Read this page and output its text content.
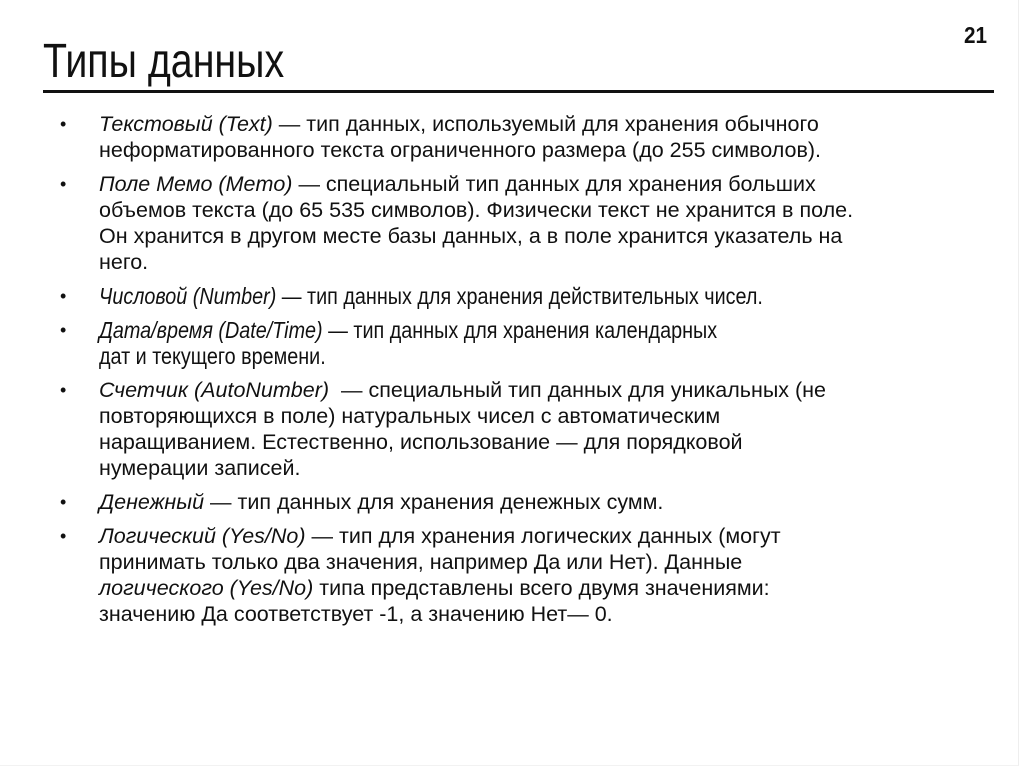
21
Типы данных
• Текстовый (Text) — тип данных, используемый для хранения обычного неформатированного текста ограниченного размера (до 255 символов).
• Поле Мемо (Memo) — специальный тип данных для хранения больших объемов текста (до 65 535 символов). Физически текст не хранится в поле. Он хранится в другом месте базы данных, а в поле хранится указатель на него.
• Числовой (Number) — тип данных для хранения действительных чисел.
• Дата/время (Date/Time) — тип данных для хранения календарных дат и текущего времени.
• Счетчик (AutoNumber)  — специальный тип данных для уникальных (не повторяющихся в поле) натуральных чисел с автоматическим наращиванием. Естественно, использование — для порядковой нумерации записей.
• Денежный — тип данных для хранения денежных сумм.
• Логический (Yes/No) — тип для хранения логических данных (могут принимать только два значения, например Да или Нет). Данные логического (Yes/No) типа представлены всего двумя значениями: значению Да соответствует -1, а значению Нет— 0.
